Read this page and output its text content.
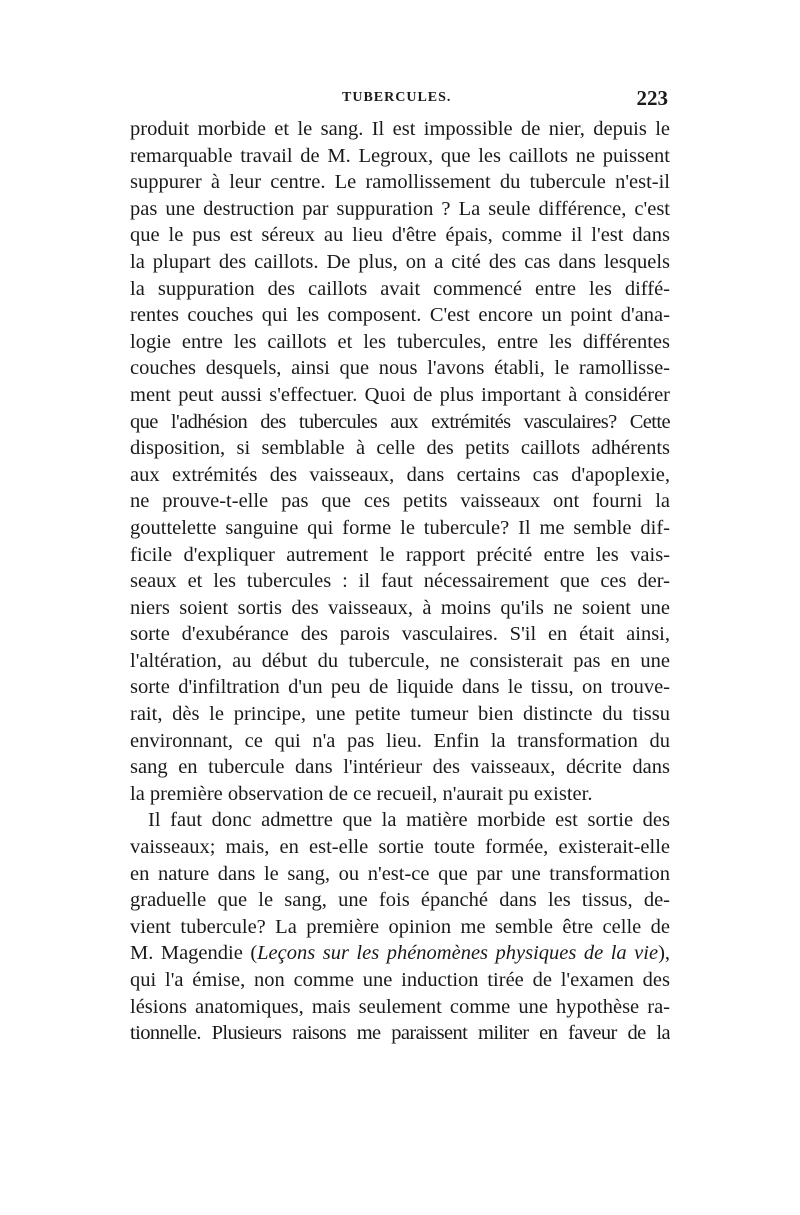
TUBERCULES.	223
produit morbide et le sang. Il est impossible de nier, depuis le
remarquable travail de M. Legroux, que les caillots ne puissent
suppurer à leur centre. Le ramollissement du tubercule n'est-il
pas une destruction par suppuration ? La seule différence, c'est
que le pus est séreux au lieu d'être épais, comme il l'est dans
la plupart des caillots. De plus, on a cité des cas dans lesquels
la suppuration des caillots avait commencé entre les diffé-
rentes couches qui les composent. C'est encore un point d'ana-
logie entre les caillots et les tubercules, entre les différentes
couches desquels, ainsi que nous l'avons établi, le ramollisse-
ment peut aussi s'effectuer. Quoi de plus important à considérer
que l'adhésion des tubercules aux extrémités vasculaires? Cette
disposition, si semblable à celle des petits caillots adhérents
aux extrémités des vaisseaux, dans certains cas d'apoplexie,
ne prouve-t-elle pas que ces petits vaisseaux ont fourni la
gouttelette sanguine qui forme le tubercule? Il me semble dif-
ficile d'expliquer autrement le rapport précité entre les vais-
seaux et les tubercules : il faut nécessairement que ces der-
niers soient sortis des vaisseaux, à moins qu'ils ne soient une
sorte d'exubérance des parois vasculaires. S'il en était ainsi,
l'altération, au début du tubercule, ne consisterait pas en une
sorte d'infiltration d'un peu de liquide dans le tissu, on trouve-
rait, dès le principe, une petite tumeur bien distincte du tissu
environnant, ce qui n'a pas lieu. Enfin la transformation du
sang en tubercule dans l'intérieur des vaisseaux, décrite dans
la première observation de ce recueil, n'aurait pu exister.
Il faut donc admettre que la matière morbide est sortie des
vaisseaux; mais, en est-elle sortie toute formée, existerait-elle
en nature dans le sang, ou n'est-ce que par une transformation
graduelle que le sang, une fois épanché dans les tissus, de-
vient tubercule? La première opinion me semble être celle de
M. Magendie (Leçons sur les phénomènes physiques de la vie),
qui l'a émise, non comme une induction tirée de l'examen des
lésions anatomiques, mais seulement comme une hypothèse ra-
tionnelle. Plusieurs raisons me paraissent militer en faveur de la
